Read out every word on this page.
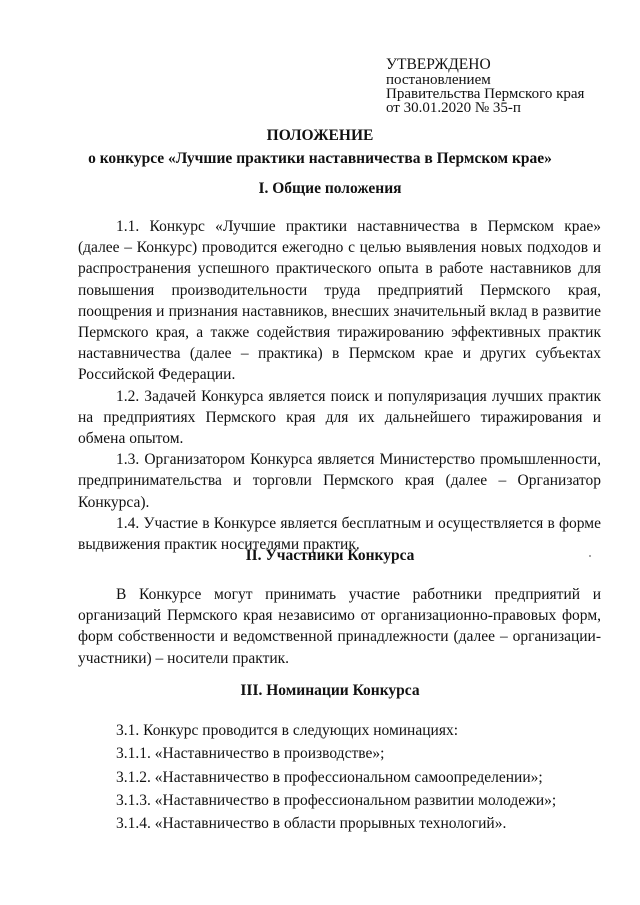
УТВЕРЖДЕНО
постановлением
Правительства Пермского края
от 30.01.2020 № 35-п
ПОЛОЖЕНИЕ
о конкурсе «Лучшие практики наставничества в Пермском крае»
I. Общие положения

1.1. Конкурс «Лучшие практики наставничества в Пермском крае» (далее – Конкурс) проводится ежегодно с целью выявления новых подходов и распространения успешного практического опыта в работе наставников для повышения производительности труда предприятий Пермского края, поощрения и признания наставников, внесших значительный вклад в развитие Пермского края, а также содействия тиражированию эффективных практик наставничества (далее – практика) в Пермском крае и других субъектах Российской Федерации.

1.2. Задачей Конкурса является поиск и популяризация лучших практик на предприятиях Пермского края для их дальнейшего тиражирования и обмена опытом.

1.3. Организатором Конкурса является Министерство промышленности, предпринимательства и торговли Пермского края (далее – Организатор Конкурса).

1.4. Участие в Конкурсе является бесплатным и осуществляется в форме выдвижения практик носителями практик.

II. Участники Конкурса

В Конкурсе могут принимать участие работники предприятий и организаций Пермского края независимо от организационно-правовых форм, форм собственности и ведомственной принадлежности (далее – организации-участники) – носители практик.

III. Номинации Конкурса

3.1. Конкурс проводится в следующих номинациях:

3.1.1. «Наставничество в производстве»;

3.1.2. «Наставничество в профессиональном самоопределении»;

3.1.3. «Наставничество в профессиональном развитии молодежи»;

3.1.4. «Наставничество в области прорывных технологий».
